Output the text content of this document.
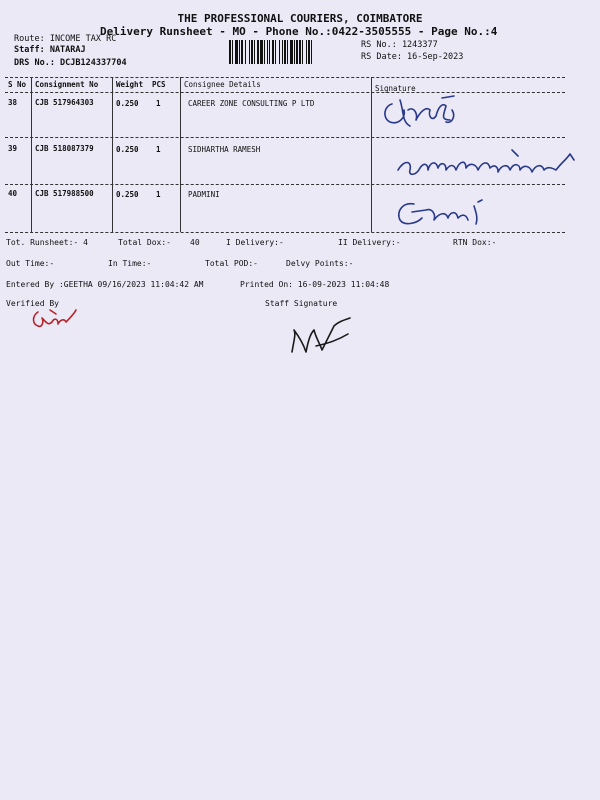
THE PROFESSIONAL COURIERS, COIMBATORE
Delivery Runsheet - MO - Phone No.:0422-3505555 - Page No.:4
Route: INCOME TAX RC
Staff: NATARAJ
DRS No.: DCJB124337704
RS No.: 1243377
RS Date: 16-Sep-2023
S No Consignment No Weight PCS Consignee Details	Signature
38 CJB 517964303	0.250 1	CAREER ZONE CONSULTING P LTD
39 CJB 518087379	0.250 1	SIDHARTHA RAMESH
40 CJB 517988500	0.250 1	PADMINI
Tot. Runsheet:- 4	Total Dox:- 40	I Delivery:-	II Delivery:-	RTN Dox:-
Out Time:-	In Time:-	Total POD:-	Delvy Points:-
Entered By :GEETHA 09/16/2023 11:04:42 AM	Printed On: 16-09-2023 11:04:48
Verified By	Staff Signature
